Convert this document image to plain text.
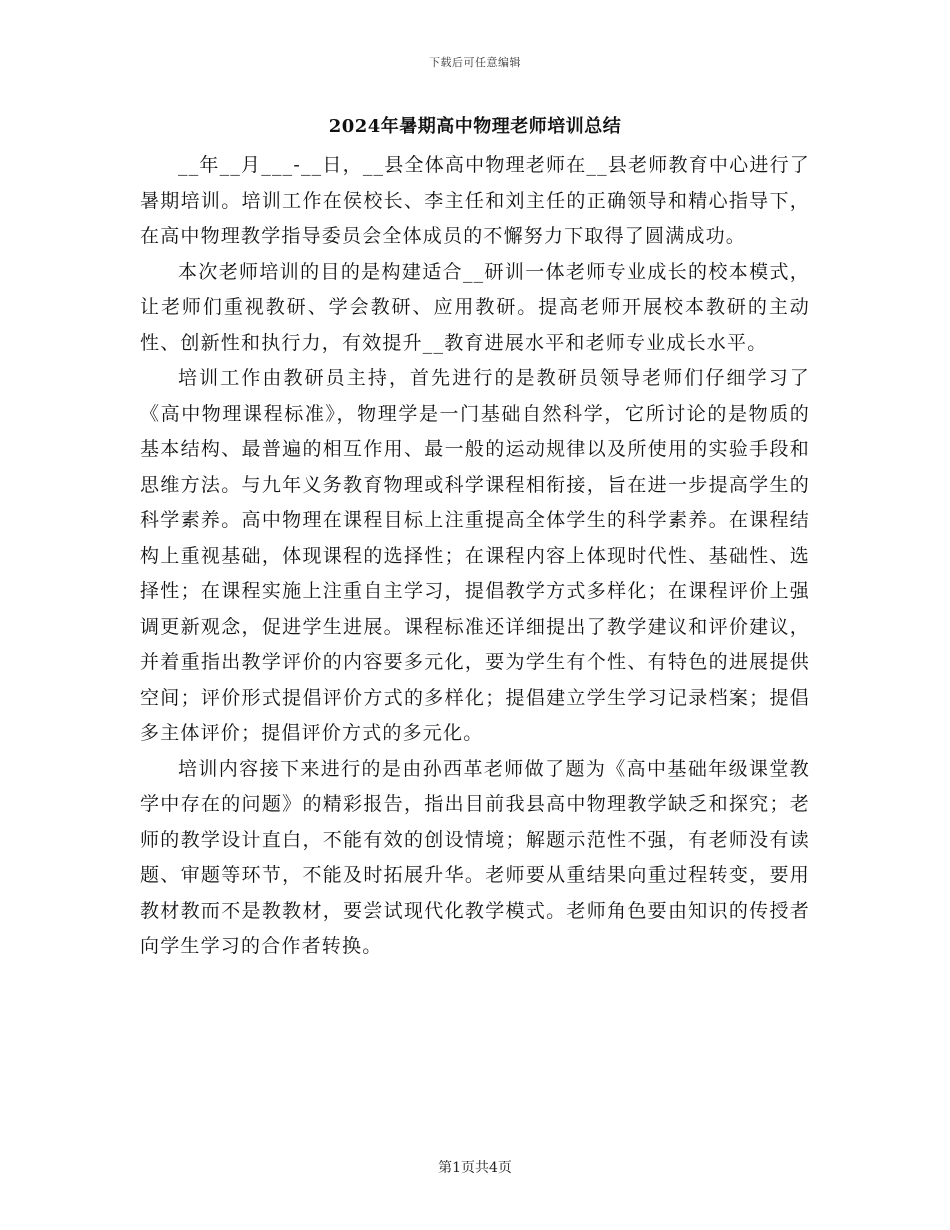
下载后可任意编辑
2024年暑期高中物理老师培训总结

__年__月___-__日，__县全体高中物理老师在__县老师教育中心进行了暑期培训。培训工作在侯校长、李主任和刘主任的正确领导和精心指导下，在高中物理教学指导委员会全体成员的不懈努力下取得了圆满成功。

本次老师培训的目的是构建适合__研训一体老师专业成长的校本模式，让老师们重视教研、学会教研、应用教研。提高老师开展校本教研的主动性、创新性和执行力，有效提升__教育进展水平和老师专业成长水平。

培训工作由教研员主持，首先进行的是教研员领导老师们仔细学习了《高中物理课程标准》，物理学是一门基础自然科学，它所讨论的是物质的基本结构、最普遍的相互作用、最一般的运动规律以及所使用的实验手段和思维方法。与九年义务教育物理或科学课程相衔接，旨在进一步提高学生的科学素养。高中物理在课程目标上注重提高全体学生的科学素养。在课程结构上重视基础，体现课程的选择性；在课程内容上体现时代性、基础性、选择性；在课程实施上注重自主学习，提倡教学方式多样化；在课程评价上强调更新观念，促进学生进展。课程标准还详细提出了教学建议和评价建议，并着重指出教学评价的内容要多元化，要为学生有个性、有特色的进展提供空间；评价形式提倡评价方式的多样化；提倡建立学生学习记录档案；提倡多主体评价；提倡评价方式的多元化。

培训内容接下来进行的是由孙西革老师做了题为《高中基础年级课堂教学中存在的问题》的精彩报告，指出目前我县高中物理教学缺乏和探究；老师的教学设计直白，不能有效的创设情境；解题示范性不强，有老师没有读题、审题等环节，不能及时拓展升华。老师要从重结果向重过程转变，要用教材教而不是教教材，要尝试现代化教学模式。老师角色要由知识的传授者向学生学习的合作者转换。

第1页共4页
